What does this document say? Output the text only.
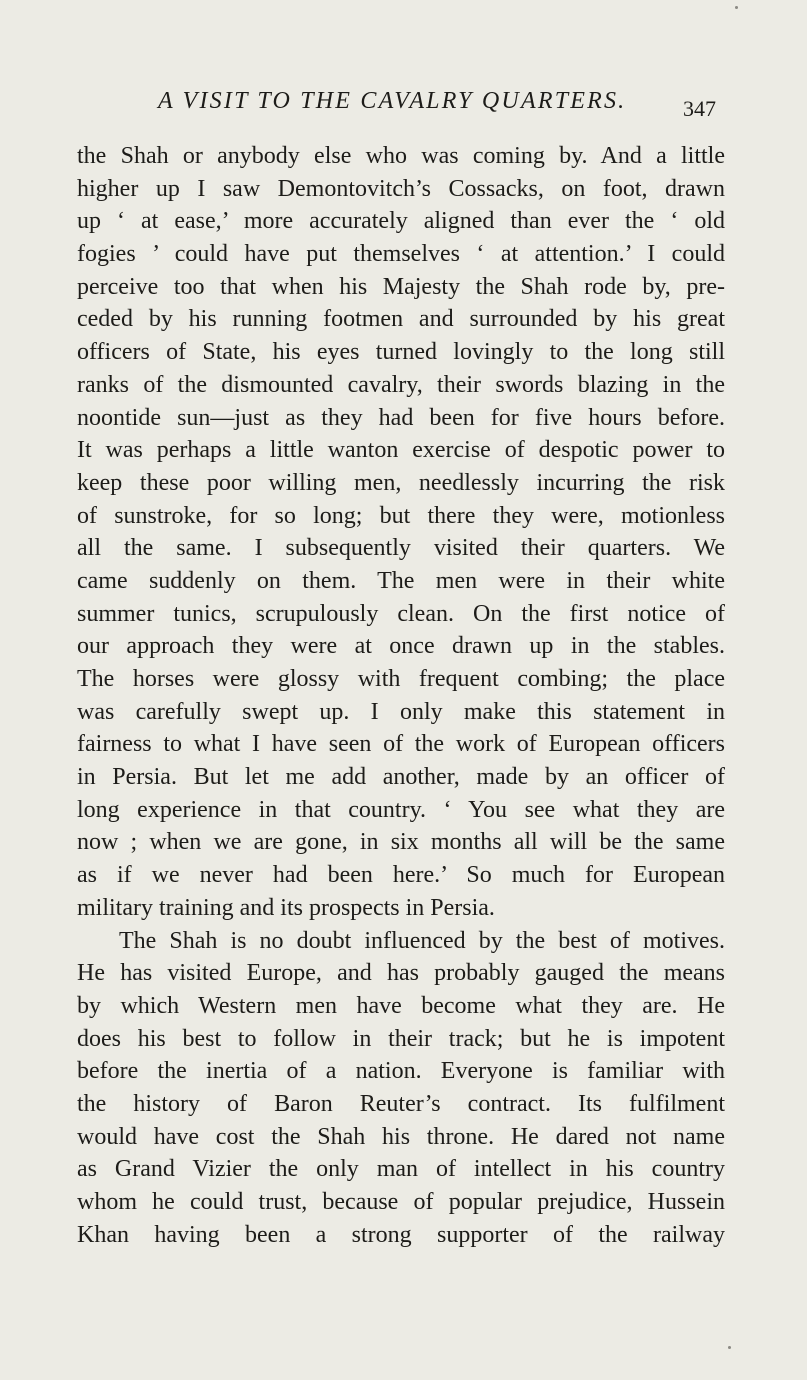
A VISIT TO THE CAVALRY QUARTERS.	347
the Shah or anybody else who was coming by. And a little
higher up I saw Demontovitch’s Cossacks, on foot, drawn
up ‘ at ease,’ more accurately aligned than ever the ‘ old
fogies ’ could have put themselves ‘ at attention.’ I could
perceive too that when his Majesty the Shah rode by, pre-
ceded by his running footmen and surrounded by his great
officers of State, his eyes turned lovingly to the long still
ranks of the dismounted cavalry, their swords blazing in the
noontide sun—just as they had been for five hours before.
It was perhaps a little wanton exercise of despotic power to
keep these poor willing men, needlessly incurring the risk
of sunstroke, for so long; but there they were, motionless
all the same. I subsequently visited their quarters. We
came suddenly on them. The men were in their white
summer tunics, scrupulously clean. On the first notice of
our approach they were at once drawn up in the stables.
The horses were glossy with frequent combing; the place
was carefully swept up. I only make this statement in
fairness to what I have seen of the work of European officers
in Persia. But let me add another, made by an officer of
long experience in that country. ‘ You see what they are
now ; when we are gone, in six months all will be the same
as if we never had been here.’ So much for European
military training and its prospects in Persia.
The Shah is no doubt influenced by the best of motives.
He has visited Europe, and has probably gauged the means
by which Western men have become what they are. He
does his best to follow in their track; but he is impotent
before the inertia of a nation. Everyone is familiar with
the history of Baron Reuter’s contract. Its fulfilment
would have cost the Shah his throne. He dared not name
as Grand Vizier the only man of intellect in his country
whom he could trust, because of popular prejudice, Hussein
Khan having been a strong supporter of the railway
